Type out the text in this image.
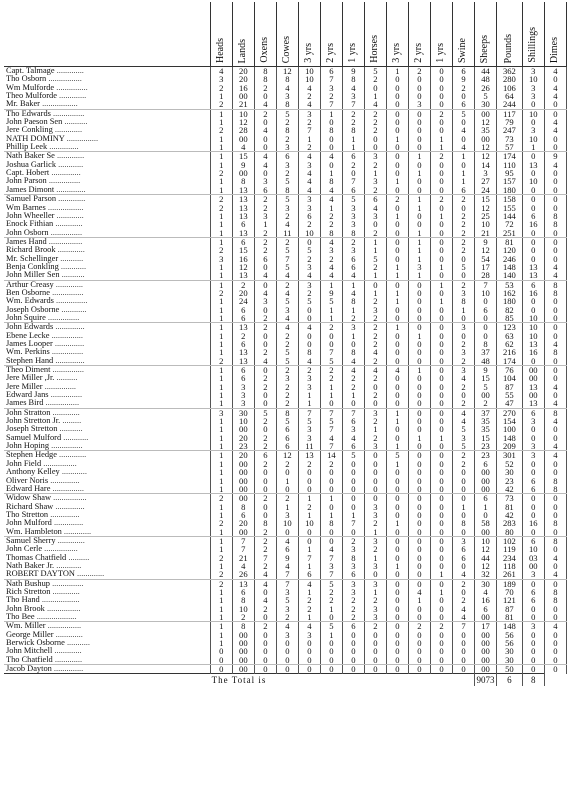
	Heads	Lands	Oxens	Cowes	3 yrs	2 yrs	1 yrs	Horses	3 yrs	2 yrs	1 yrs	Swine	Sheeps	Pounds	Shillings	Dimes

Capt. Talmage .............	4	20	8	12	10	6	9	5	1	2	0	6	44	362	3	4
Tho Osborn ................	3	20	8	8	10	7	8	2	0	0	0	9	48	280	10	0
Wm Mulforde ...............	2	16	2	4	4	3	4	0	0	0	0	2	26	106	3	4
Theo Mulforde .............	1	00	0	3	2	2	3	1	0	0	0	0	5	64	3	4
Mr. Baker .................	2	21	4	8	4	7	7	4	0	3	0	6	30	244	0	0
Tho Edwards ...............	1	10	2	5	3	1	2	2	0	0	2	5	00	117	10	0
John Paeson Sen ...........	1	12	0	2	2	0	2	2	0	0	0	0	12	79	0	4
Jere Conkling .............	2	28	4	8	7	8	8	2	0	0	0	4	35	247	3	4
NATH DOMINY ...............	1	00	0	2	1	0	1	0	1	0	1	0	00	73	10	0
Phillip Leek ..............	1	4	0	3	2	0	1	0	0	0	1	4	12	57	1	0
Nath Baker Se .............	1	15	4	6	4	4	6	3	0	1	2	1	12	174	0	9
Joshua Garlick ............	1	9	4	3	3	0	2	2	0	0	0	0	14	110	13	4
Capt. Hobert ..............	2	00	0	2	4	1	0	1	0	1	0	1	3	95	0	0
John Parson ...............	1	8	3	5	4	8	7	3	1	0	0	1	27	157	10	0
James Dimont ..............	1	13	6	8	4	4	6	2	0	0	0	6	24	180	0	0
Samuel Parson .............	2	13	2	5	3	4	5	6	2	1	2	2	15	158	0	0
Wm Barnes .................	2	13	2	3	3	1	3	4	0	1	0	0	12	155	0	0
John Wheeller .............	1	13	3	2	6	2	3	3	1	0	1	2	25	144	6	8
Enock Fithian .............	1	6	1	4	2	2	3	0	0	0	0	2	10	72	16	8
John Osborn ...............	1	13	2	11	10	8	8	2	0	1	0	2	21	251	0	0
James Hand ................	1	6	2	2	0	4	2	1	0	1	0	2	9	81	0	0
Richard Brook .............	2	15	2	5	5	3	3	1	0	1	0	2	12	120	0	0
Mr. Schellinger ...........	3	16	6	7	2	2	6	5	0	1	0	0	54	246	0	0
Benja Conkling ............	1	12	0	5	3	4	6	2	1	3	1	5	17	148	13	4
John Miller Sen ...........	1	13	4	4	4	4	4	1	1	1	0	0	28	140	13	4
Arthur Creasy .............	1	2	0	2	3	1	1	0	0	0	1	2	7	53	6	8
Ben Osborne ...............	2	20	4	4	2	9	4	1	1	0	0	3	10	162	16	8
Wm. Edwards ...............	1	24	3	5	5	5	8	2	1	0	1	8	0	180	0	0
Joseph Osborne ............	1	6	0	3	0	1	1	3	0	0	0	1	6	82	0	0
John Squire ...............	1	6	2	4	0	1	2	2	0	0	0	0	0	85	10	0
John Edwards ..............	1	13	2	4	4	2	3	2	1	0	0	3	0	123	10	0
Ebene Lecke ...............	1	2	0	2	0	0	1	2	0	1	0	0	0	63	10	0
James Looper ..............	1	6	0	2	0	0	0	2	0	0	0	2	8	62	13	4
Wm. Perkins ...............	1	13	2	5	8	7	8	4	0	0	0	3	37	216	16	8
Stephen Hand ..............	2	13	4	5	4	5	4	2	0	0	0	2	48	174	0	0
Theo Diment ...............	1	6	0	2	2	2	4	4	4	1	0	3	9	76	00	0
Jere Miller ,Jr. ..........	1	6	2	3	3	2	2	2	0	0	0	4	15	104	00	0
Jere Miller ...............	1	3	2	2	3	1	2	0	0	0	0	2	5	87	13	4
Edward Jans ...............	1	3	0	2	1	1	1	2	0	0	0	0	00	55	00	0
James Bird ................	1	3	0	2	1	0	0	0	0	0	0	2	2	47	13	4
John Stratton .............	3	30	5	8	7	7	7	3	1	0	0	4	37	270	6	8
John Stretton Jr. .........	1	10	2	5	5	5	6	2	1	0	0	4	35	154	3	4
Joseph Stretton ...........	1	00	0	6	3	7	3	1	0	0	0	5	35	100	0	0
Samuel Mulford ............	1	20	2	6	3	4	4	2	0	1	1	3	15	148	0	0
John Hoping ...............	1	23	2	6	11	7	6	3	1	0	0	5	23	209	3	4
Stephen Hedge .............	1	20	6	12	13	14	5	0	5	0	0	2	23	301	3	4
John Field ................	1	00	2	2	2	2	0	0	1	0	0	2	6	52	0	0
Anthony Kelley ............	1	00	0	0	0	0	0	0	0	0	0	0	00	30	0	0
Oliver Noris ..............	1	00	0	1	0	0	0	0	0	0	0	0	00	23	6	8
Edward Hare ...............	1	00	0	0	0	0	0	0	0	0	0	0	00	42	6	8
Widow Shaw ................	2	00	2	2	1	1	0	0	0	0	0	0	6	73	0	0
Richard Shaw ..............	1	8	0	1	2	0	0	3	0	0	0	1	1	81	0	0
Tho Stretton ..............	1	6	0	3	1	1	1	3	0	0	0	0	0	42	0	0
John Mulford ..............	2	20	8	10	10	8	7	2	1	0	0	8	58	283	16	8
Wm. Hambleton .............	1	00	2	0	0	0	0	1	0	0	0	0	00	80	0	0
Samuel Sherry .............	1	7	2	4	0	0	2	3	0	0	0	3	10	102	6	8
John Cerle ................	1	7	2	6	1	4	3	2	0	0	0	6	12	119	10	0
Thomas Chatfield ..........	2	21	7	9	7	7	8	1	0	0	0	6	44	234	03	4
Nath Baker Jr. ............	1	4	2	4	1	3	3	3	1	0	0	0	12	118	00	0
ROBERT DAYTON .............	2	26	4	7	6	7	6	0	0	0	1	4	32	261	3	4
Nath Bushup ...............	2	13	4	7	4	5	3	3	0	0	0	2	30	189	0	0
Rich Stretton .............	1	6	0	3	1	2	3	1	0	4	1	0	4	70	6	8
Tho Hand ..................	1	8	4	5	2	2	2	2	0	1	0	2	16	121	6	8
John Brook ................	1	10	2	3	2	1	2	3	0	0	0	4	6	87	0	0
Tho Bee ...................	1	2	0	2	1	0	2	3	0	0	0	4	00	81	0	0
Wm. Miller ................	1	8	2	4	4	5	6	2	0	2	2	7	17	148	3	4
George Miller .............	1	00	0	3	3	1	0	0	0	0	0	0	00	56	0	0
Berwick Osborne ...........	1	00	0	0	0	0	0	0	0	0	0	0	00	56	0	0
John Mitchell .............	0	00	0	0	0	0	0	0	0	0	0	0	00	30	0	0
Tho Chatfield .............	0	00	0	0	0	0	0	0	0	0	0	0	00	30	0	0
Jacob Dayton ..............	0	00	0	0	0	0	0	0	0	0	0	0	00	50	0	0
The Total is													9073	6	8
